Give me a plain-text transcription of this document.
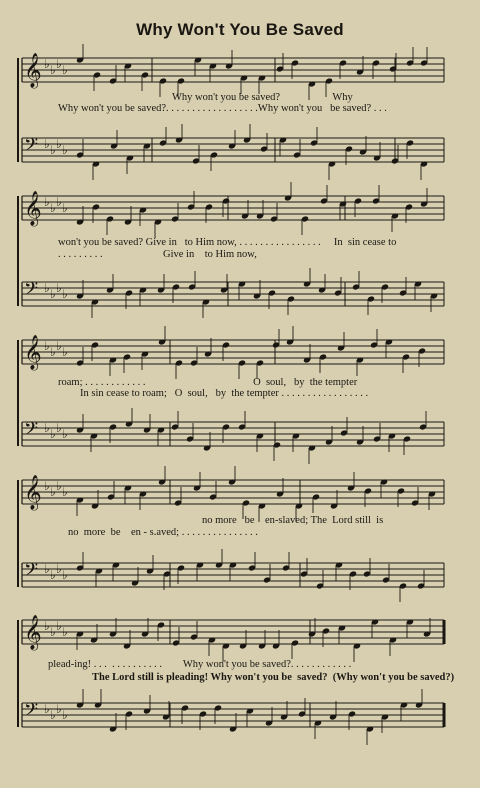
Why Won't You Be Saved
𝄞 ♭ ♭ ♭ ♭
𝄢 ♭ ♭ ♭ ♭
𝄞 ♭ ♭ ♭ ♭
𝄢 ♭ ♭ ♭ ♭
𝄞 ♭ ♭ ♭ ♭
𝄢 ♭ ♭ ♭ ♭
𝄞 ♭ ♭ ♭ ♭
𝄢 ♭ ♭ ♭ ♭
𝄞 ♭ ♭ ♭ ♭
𝄢 ♭ ♭ ♭ ♭
Why won't you be saved?                    Why
Why won't you be saved?. . . . . . . . . . . . . . . . . .Why won't you   be saved? . . .
won't you be saved? Give in   to Him now, . . . . . . . . . . . . . . . .     In  sin cease to
. . . . . . . . .                       Give in    to Him now,
roam; . . . . . . . . . . . .                                         O  soul,   by  the tempter
In sin cease to roam;   O  soul,   by  the tempter . . . . . . . . . . . . . . . . .
no more   be    en-slaved; The  Lord still  is
no  more  be    en - s.aved; . . . . . . . . . . . . . . .
plead-ing! . . .  . . . . . . . . . .        Why won't you be saved?. . . . . . . . . . . .
The Lord still is pleading! Why won't you be  saved?  (Why won't you be saved?)
